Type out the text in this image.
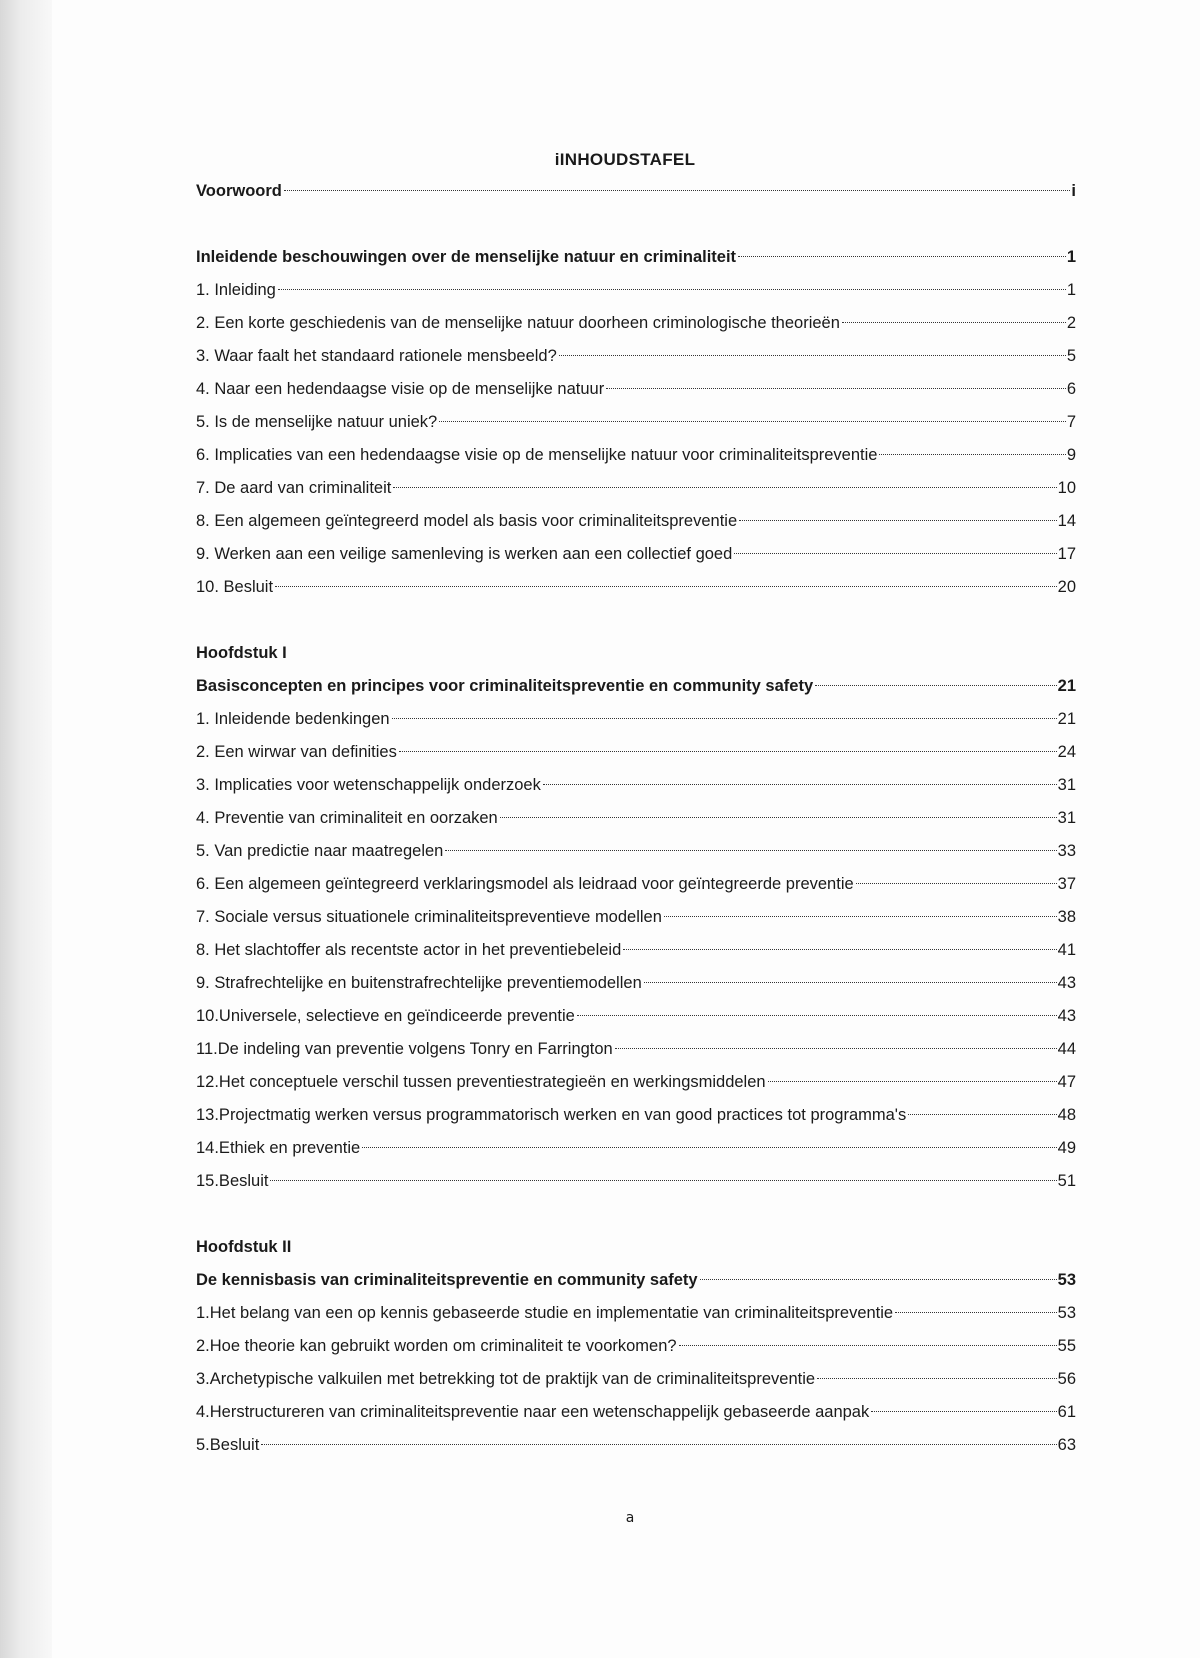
iINHOUDSTAFEL
Voorwoord	i
Inleidende beschouwingen over de menselijke natuur en criminaliteit	1
1. Inleiding	1
2. Een korte geschiedenis van de menselijke natuur doorheen criminologische theorieën	2
3. Waar faalt het standaard rationele mensbeeld?	5
4. Naar een hedendaagse visie op de menselijke natuur	6
5. Is de menselijke natuur uniek?	7
6. Implicaties van een hedendaagse visie op de menselijke natuur voor criminaliteitspreventie	9
7. De aard van criminaliteit	10
8. Een algemeen geïntegreerd model als basis voor criminaliteitspreventie	14
9. Werken aan een veilige samenleving is werken aan een collectief goed	17
10. Besluit	20
Hoofdstuk I
Basisconcepten en principes voor criminaliteitspreventie en community safety	21
1. Inleidende bedenkingen	21
2. Een wirwar van definities	24
3. Implicaties voor wetenschappelijk onderzoek	31
4. Preventie van criminaliteit en oorzaken	31
5. Van predictie naar maatregelen	33
6. Een algemeen geïntegreerd verklaringsmodel als leidraad voor geïntegreerde preventie	37
7. Sociale versus situationele criminaliteitspreventieve modellen	38
8. Het slachtoffer als recentste actor in het preventiebeleid	41
9. Strafrechtelijke en buitenstrafrechtelijke preventiemodellen	43
10.Universele, selectieve en geïndiceerde preventie	43
11.De indeling van preventie volgens Tonry en Farrington	44
12.Het conceptuele verschil tussen preventiestrategieën en werkingsmiddelen	47
13.Projectmatig werken versus programmatorisch werken en van good practices tot programma's	48
14.Ethiek en preventie	49
15.Besluit	51
Hoofdstuk II
De kennisbasis van criminaliteitspreventie en community safety	53
1.Het belang van een op kennis gebaseerde studie en implementatie van criminaliteitspreventie	53
2.Hoe theorie kan gebruikt worden om criminaliteit te voorkomen?	55
3.Archetypische valkuilen met betrekking tot de praktijk van de criminaliteitspreventie	56
4.Herstructureren van criminaliteitspreventie naar een wetenschappelijk gebaseerde aanpak	61
5.Besluit	63
a
